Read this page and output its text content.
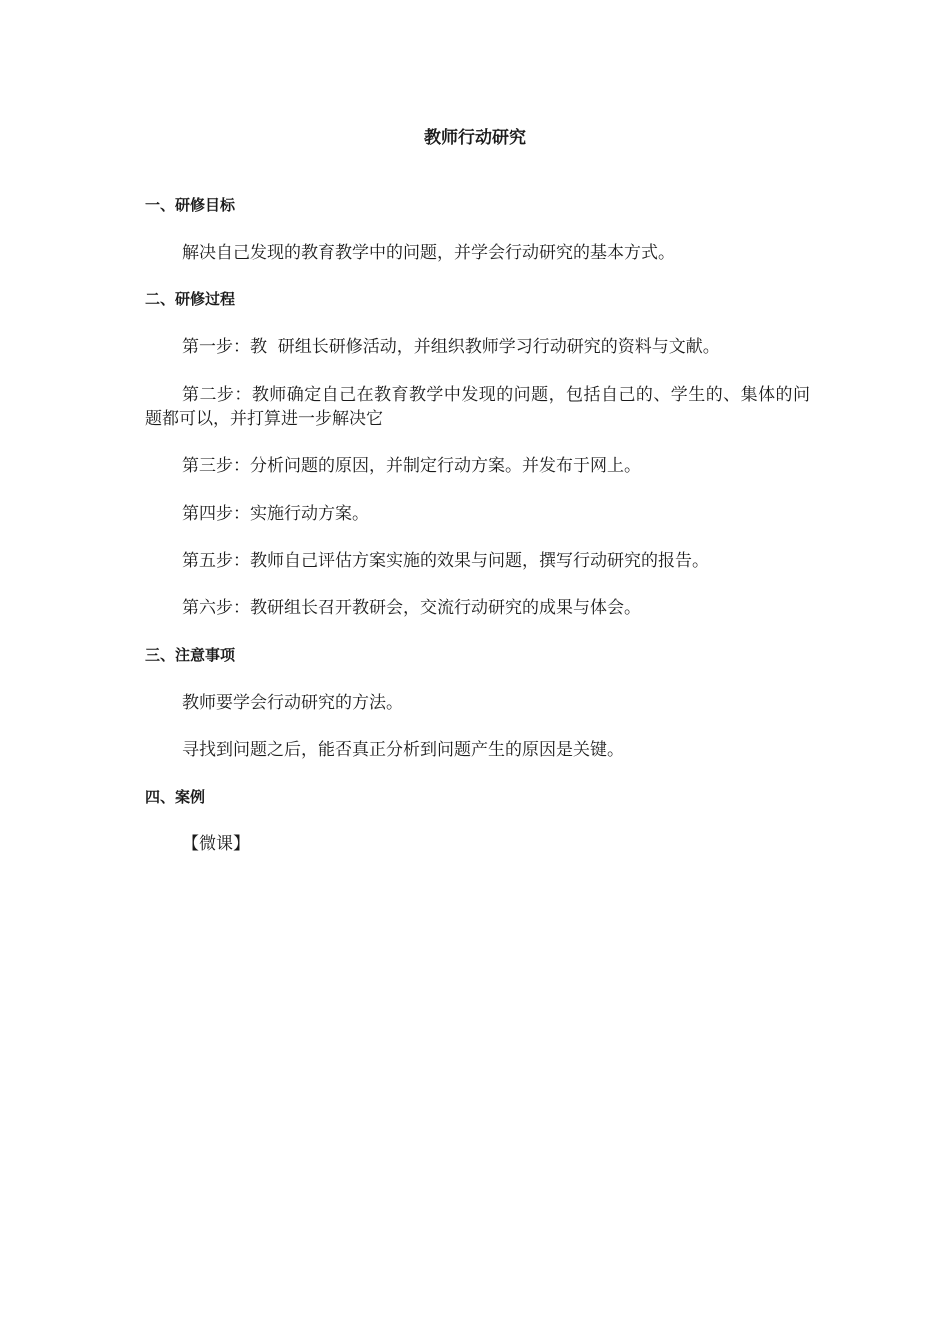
教师行动研究
一、研修目标

解决自己发现的教育教学中的问题，并学会行动研究的基本方式。

二、研修过程

第一步：教  研组长研修活动，并组织教师学习行动研究的资料与文献。

第二步：教师确定自己在教育教学中发现的问题，包括自己的、学生的、集体的问题都可以，并打算进一步解决它

第三步：分析问题的原因，并制定行动方案。并发布于网上。

第四步：实施行动方案。

第五步：教师自己评估方案实施的效果与问题，撰写行动研究的报告。

第六步：教研组长召开教研会，交流行动研究的成果与体会。

三、注意事项

教师要学会行动研究的方法。

寻找到问题之后，能否真正分析到问题产生的原因是关键。

四、案例

【微课】
